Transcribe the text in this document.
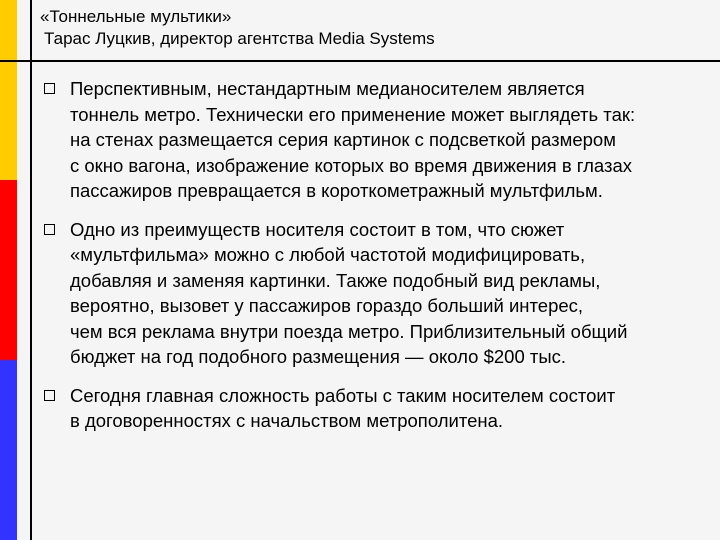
«Тоннельные мультики»
Тарас Луцкив, директор агентства Media Systems
Перспективным, нестандартным медианосителем является
тоннель метро. Технически его применение может выглядеть так:
на стенах размещается серия картинок с подсветкой размером
с окно вагона, изображение которых во время движения в глазах
пассажиров превращается в короткометражный мультфильм.
Одно из преимуществ носителя состоит в том, что сюжет
«мультфильма» можно с любой частотой модифицировать,
добавляя и заменяя картинки. Также подобный вид рекламы,
вероятно, вызовет у пассажиров гораздо больший интерес,
чем вся реклама внутри поезда метро. Приблизительный общий
бюджет на год подобного размещения — около $200 тыс.
Сегодня главная сложность работы с таким носителем состоит
в договоренностях с начальством метрополитена.
